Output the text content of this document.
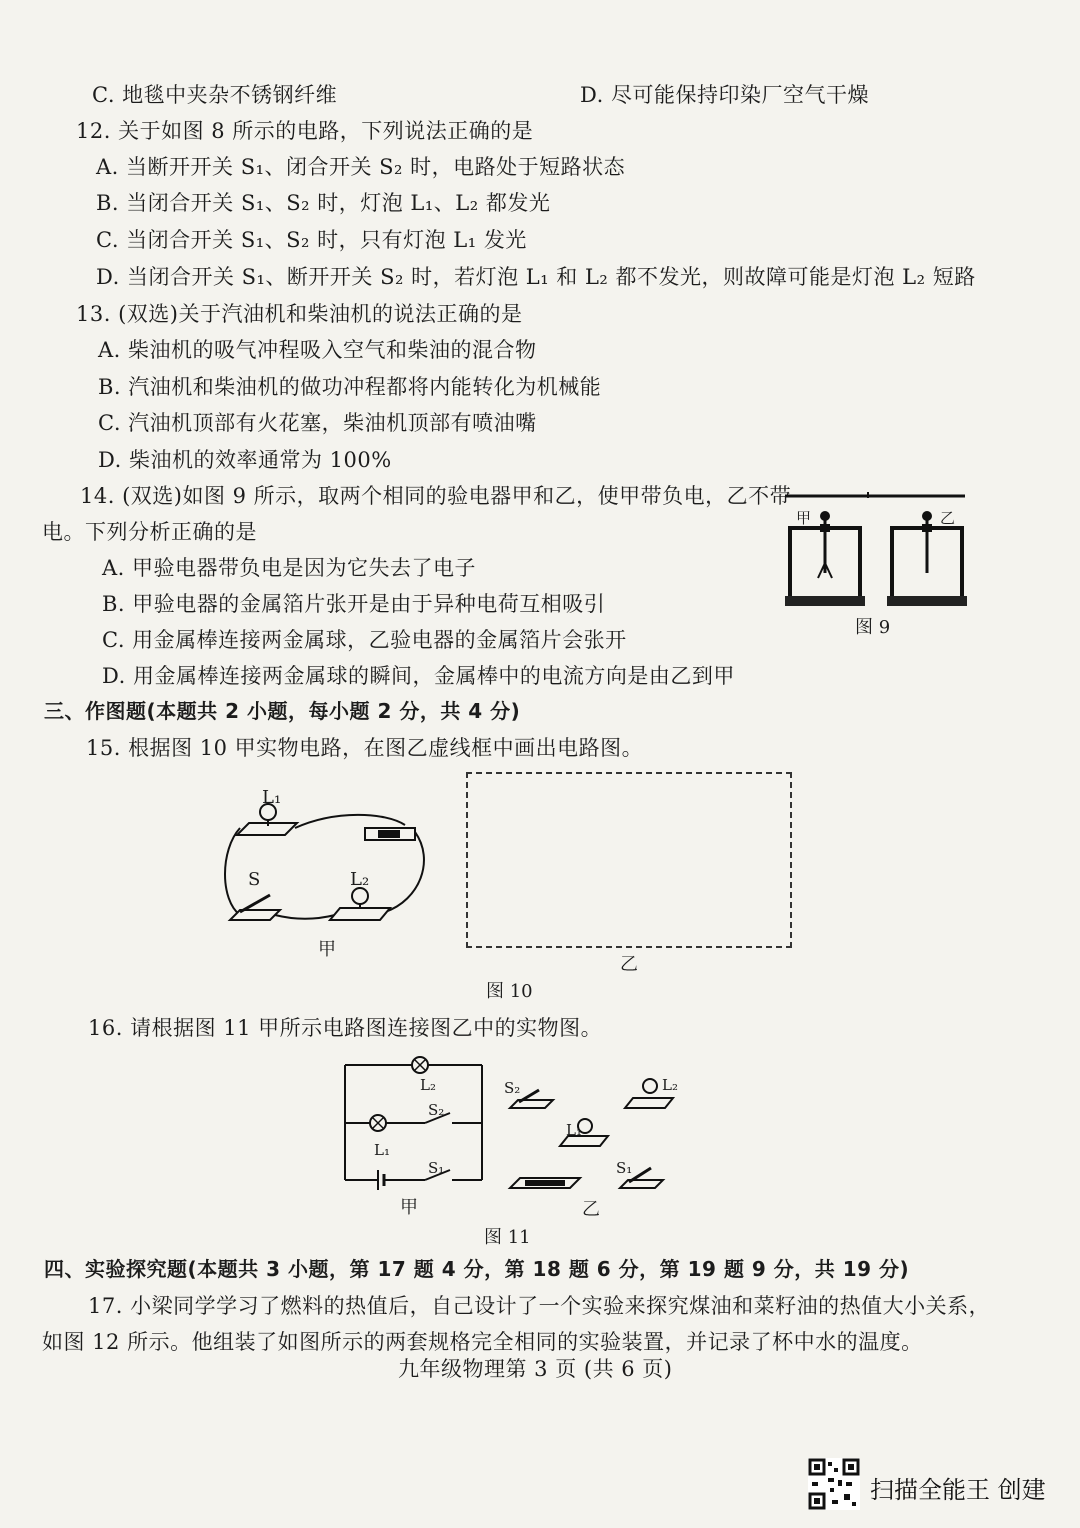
C. 地毯中夹杂不锈钢纤维	D. 尽可能保持印染厂空气干燥
12. 关于如图 8 所示的电路，下列说法正确的是
A. 当断开开关 S₁、闭合开关 S₂ 时，电路处于短路状态
B. 当闭合开关 S₁、S₂ 时，灯泡 L₁、L₂ 都发光
C. 当闭合开关 S₁、S₂ 时，只有灯泡 L₁ 发光
D. 当闭合开关 S₁、断开开关 S₂ 时，若灯泡 L₁ 和 L₂ 都不发光，则故障可能是灯泡 L₂ 短路
13. (双选)关于汽油机和柴油机的说法正确的是
A. 柴油机的吸气冲程吸入空气和柴油的混合物
B. 汽油机和柴油机的做功冲程都将内能转化为机械能
C. 汽油机顶部有火花塞，柴油机顶部有喷油嘴
D. 柴油机的效率通常为 100%
14. (双选)如图 9 所示，取两个相同的验电器甲和乙，使甲带负电，乙不带
电。下列分析正确的是
A. 甲验电器带负电是因为它失去了电子
B. 甲验电器的金属箔片张开是由于异种电荷互相吸引
C. 用金属棒连接两金属球，乙验电器的金属箔片会张开
D. 用金属棒连接两金属球的瞬间，金属棒中的电流方向是由乙到甲
甲	乙
图 9
三、作图题(本题共 2 小题，每小题 2 分，共 4 分)
15. 根据图 10 甲实物电路，在图乙虚线框中画出电路图。
L₁
S	L₂
甲
乙
图 10
16. 请根据图 11 甲所示电路图连接图乙中的实物图。
L₂
S₂
L₁
S₁
甲
S₂	L₂
L₁
S₁
乙
图 11
四、实验探究题(本题共 3 小题，第 17 题 4 分，第 18 题 6 分，第 19 题 9 分，共 19 分)
17. 小梁同学学习了燃料的热值后，自己设计了一个实验来探究煤油和菜籽油的热值大小关系，
如图 12 所示。他组装了如图所示的两套规格完全相同的实验装置，并记录了杯中水的温度。
九年级物理第 3 页 (共 6 页)
扫描全能王 创建
